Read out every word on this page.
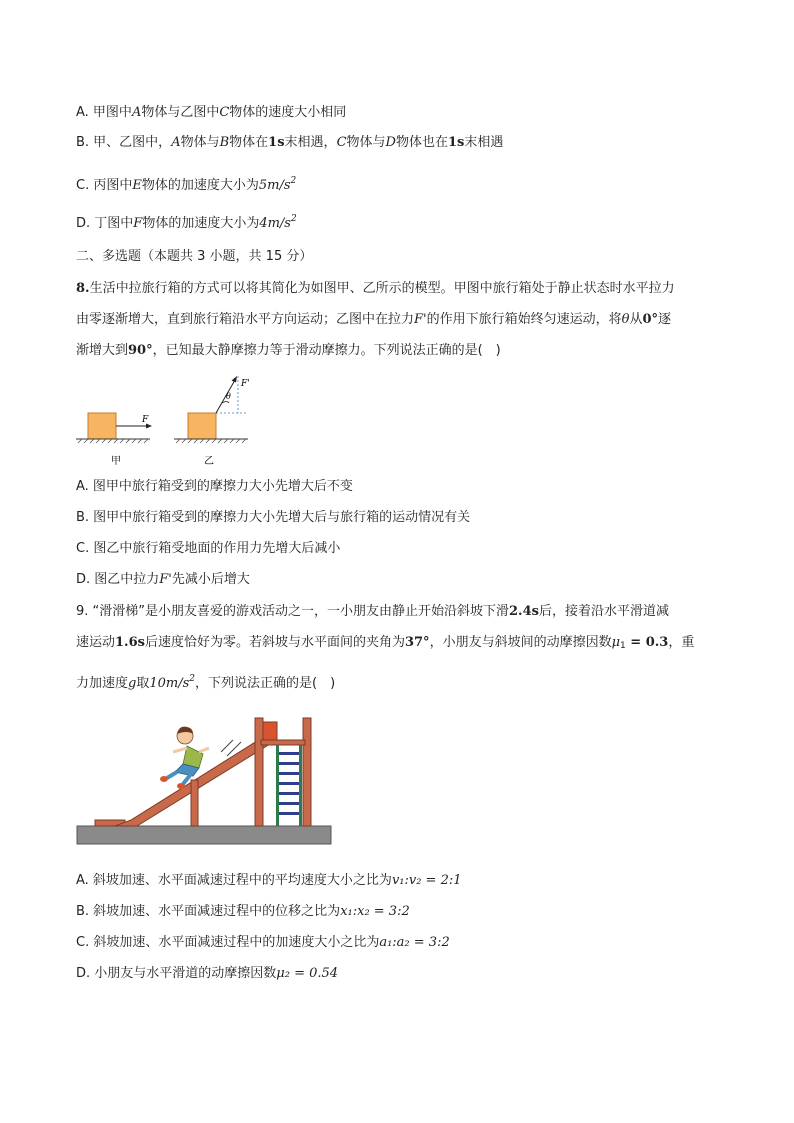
A. 甲图中A物体与乙图中C物体的速度大小相同
B. 甲、乙图中，A物体与B物体在1s末相遇，C物体与D物体也在1s末相遇
C. 丙图中E物体的加速度大小为$5m/s^2$
D. 丁图中F物体的加速度大小为$4m/s^2$
二、多选题（本题共 3 小题，共 15 分）
8.生活中拉旅行箱的方式可以将其简化为如图甲、乙所示的模型。甲图中旅行箱处于静止状态时水平拉力
由零逐渐增大，直到旅行箱沿水平方向运动；乙图中在拉力F'的作用下旅行箱始终匀速运动，将θ从0°逐
渐增大到90°，已知最大静摩擦力等于滑动摩擦力。下列说法正确的是(　)
F
甲
F'
θ
乙
A. 图甲中旅行箱受到的摩擦力大小先增大后不变
B. 图甲中旅行箱受到的摩擦力大小先增大后与旅行箱的运动情况有关
C. 图乙中旅行箱受地面的作用力先增大后减小
D. 图乙中拉力F'先减小后增大
9. “滑滑梯”是小朋友喜爱的游戏活动之一，一小朋友由静止开始沿斜坡下滑2.4s后，接着沿水平滑道减
速运动1.6s后速度恰好为零。若斜坡与水平面间的夹角为37°，小朋友与斜坡间的动摩擦因数$\mu_1 = 0.3$，重
力加速度g取$10m/s^2$，下列说法正确的是(　)
A. 斜坡加速、水平面减速过程中的平均速度大小之比为v₁:v₂ = 2:1
B. 斜坡加速、水平面减速过程中的位移之比为x₁:x₂ = 3:2
C. 斜坡加速、水平面减速过程中的加速度大小之比为a₁:a₂ = 3:2
D. 小朋友与水平滑道的动摩擦因数μ₂ = 0.54
